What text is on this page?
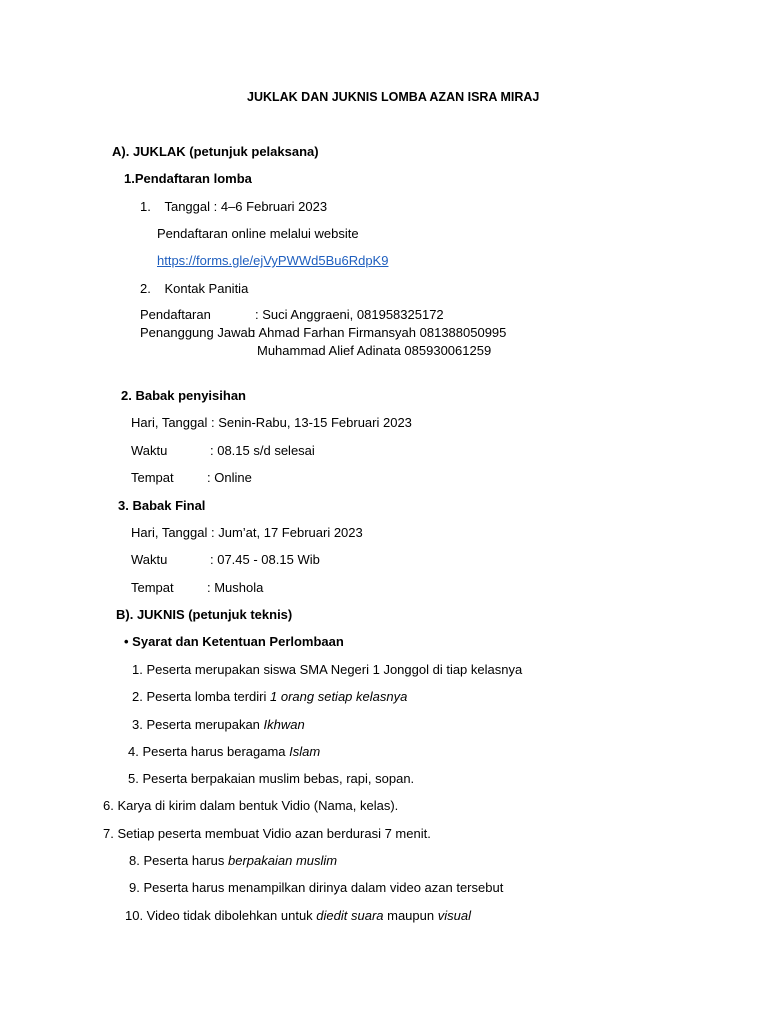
JUKLAK DAN JUKNIS LOMBA AZAN ISRA MIRAJ
A). JUKLAK (petunjuk pelaksana)
1.Pendaftaran lomba
1. Tanggal : 4–6 Februari 2023
Pendaftaran online melalui website
https://forms.gle/ejVyPWWd5Bu6RdpK9
2. Kontak Panitia
Pendaftaran	: Suci Anggraeni, 081958325172
Penanggung Jawab: Ahmad Farhan Firmansyah 081388050995
Muhammad Alief Adinata 085930061259
2. Babak penyisihan
Hari, Tanggal : Senin-Rabu, 13-15 Februari 2023
Waktu	: 08.15 s/d selesai
Tempat	: Online
3. Babak Final
Hari, Tanggal : Jum’at, 17 Februari 2023
Waktu	: 07.45 - 08.15 Wib
Tempat	: Mushola
B). JUKNIS (petunjuk teknis)
• Syarat dan Ketentuan Perlombaan
1. Peserta merupakan siswa SMA Negeri 1 Jonggol di tiap kelasnya
2. Peserta lomba terdiri 1 orang setiap kelasnya
3. Peserta merupakan Ikhwan
4. Peserta harus beragama Islam
5. Peserta berpakaian muslim bebas, rapi, sopan.
6. Karya di kirim dalam bentuk Vidio (Nama, kelas).
7. Setiap peserta membuat Vidio azan berdurasi 7 menit.
8. Peserta harus berpakaian muslim
9. Peserta harus menampilkan dirinya dalam video azan tersebut
10. Video tidak dibolehkan untuk diedit suara maupun visual
